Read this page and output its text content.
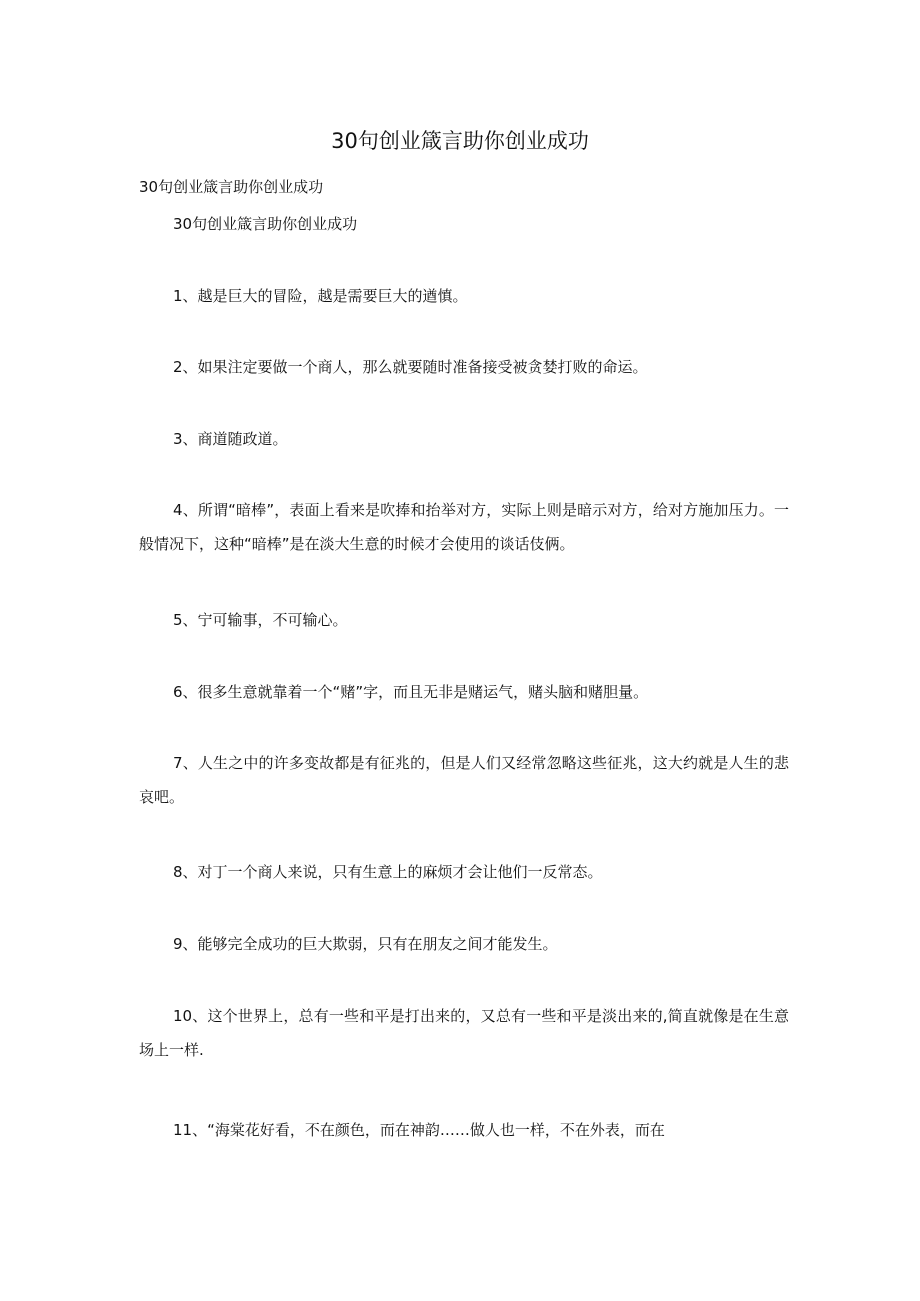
30句创业箴言助你创业成功

30句创业箴言助你创业成功

30句创业箴言助你创业成功

1、越是巨大的冒险，越是需要巨大的遒慎。

2、如果注定要做一个商人，那么就要随时准备接受被贪婪打败的命运。

3、商道随政道。

4、所谓“暗棒”，表面上看来是吹捧和抬举对方，实际上则是暗示对方，给对方施加压力。一般情况下，这种“暗棒”是在淡大生意的时候才会使用的谈话伎俩。

5、宁可输事，不可输心。

6、很多生意就靠着一个“赌”字，而且无非是赌运气，赌头脑和赌胆量。

7、人生之中的许多变故都是有征兆的，但是人们又经常忽略这些征兆，这大约就是人生的悲哀吧。

8、对丁一个商人来说，只有生意上的麻烦才会让他们一反常态。

9、能够完全成功的巨大欺弱，只有在朋友之间才能发生。

10、这个世界上，总有一些和平是打出来的，又总有一些和平是淡出来的,简直就像是在生意场上一样.

11、“海棠花好看，不在颜色，而在神韵……做人也一样，不在外表，而在
